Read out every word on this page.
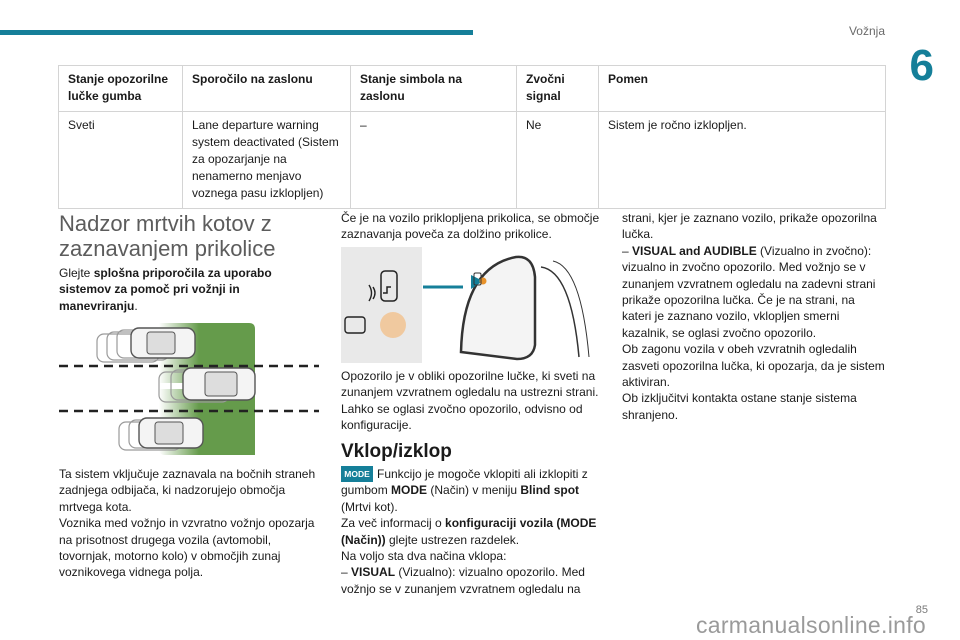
Vožnja
6
Stanje opozorilne lučke gumba	Sporočilo na zaslonu	Stanje simbola na zaslonu	Zvočni signal	Pomen
Sveti	Lane departure warning system deactivated (Sistem za opozarjanje na nenamerno menjavo voznega pasu izklopljen)	–	Ne	Sistem je ročno izklopljen.
Nadzor mrtvih kotov z zaznavanjem prikolice
Glejte splošna priporočila za uporabo sistemov za pomoč pri vožnji in manevriranju.
Ta sistem vključuje zaznavala na bočnih straneh zadnjega odbijača, ki nadzorujejo območja mrtvega kota.
Voznika med vožnjo in vzvratno vožnjo opozarja na prisotnost drugega vozila (avtomobil, tovornjak, motorno kolo) v območjih zunaj voznikovega vidnega polja.
Če je na vozilo priklopljena prikolica, se območje zaznavanja poveča za dolžino prikolice.
Opozorilo je v obliki opozorilne lučke, ki sveti na zunanjem vzvratnem ogledalu na ustrezni strani. Lahko se oglasi zvočno opozorilo, odvisno od konfiguracije.
Vklop/izklop
MODE Funkcijo je mogoče vklopiti ali izklopiti z gumbom MODE (Način) v meniju Blind spot (Mrtvi kot).
Za več informacij o konfiguraciji vozila (MODE (Način)) glejte ustrezen razdelek.
Na voljo sta dva načina vklopa:
– VISUAL (Vizualno): vizualno opozorilo. Med vožnjo se v zunanjem vzvratnem ogledalu na
strani, kjer je zaznano vozilo, prikaže opozorilna lučka.
– VISUAL and AUDIBLE (Vizualno in zvočno): vizualno in zvočno opozorilo. Med vožnjo se v zunanjem vzvratnem ogledalu na zadevni strani prikaže opozorilna lučka. Če je na strani, na kateri je zaznano vozilo, vklopljen smerni kazalnik, se oglasi zvočno opozorilo.
Ob zagonu vozila v obeh vzvratnih ogledalih zasveti opozorilna lučka, ki opozarja, da je sistem aktiviran.
Ob izključitvi kontakta ostane stanje sistema shranjeno.
85
carmanualsonline.info
